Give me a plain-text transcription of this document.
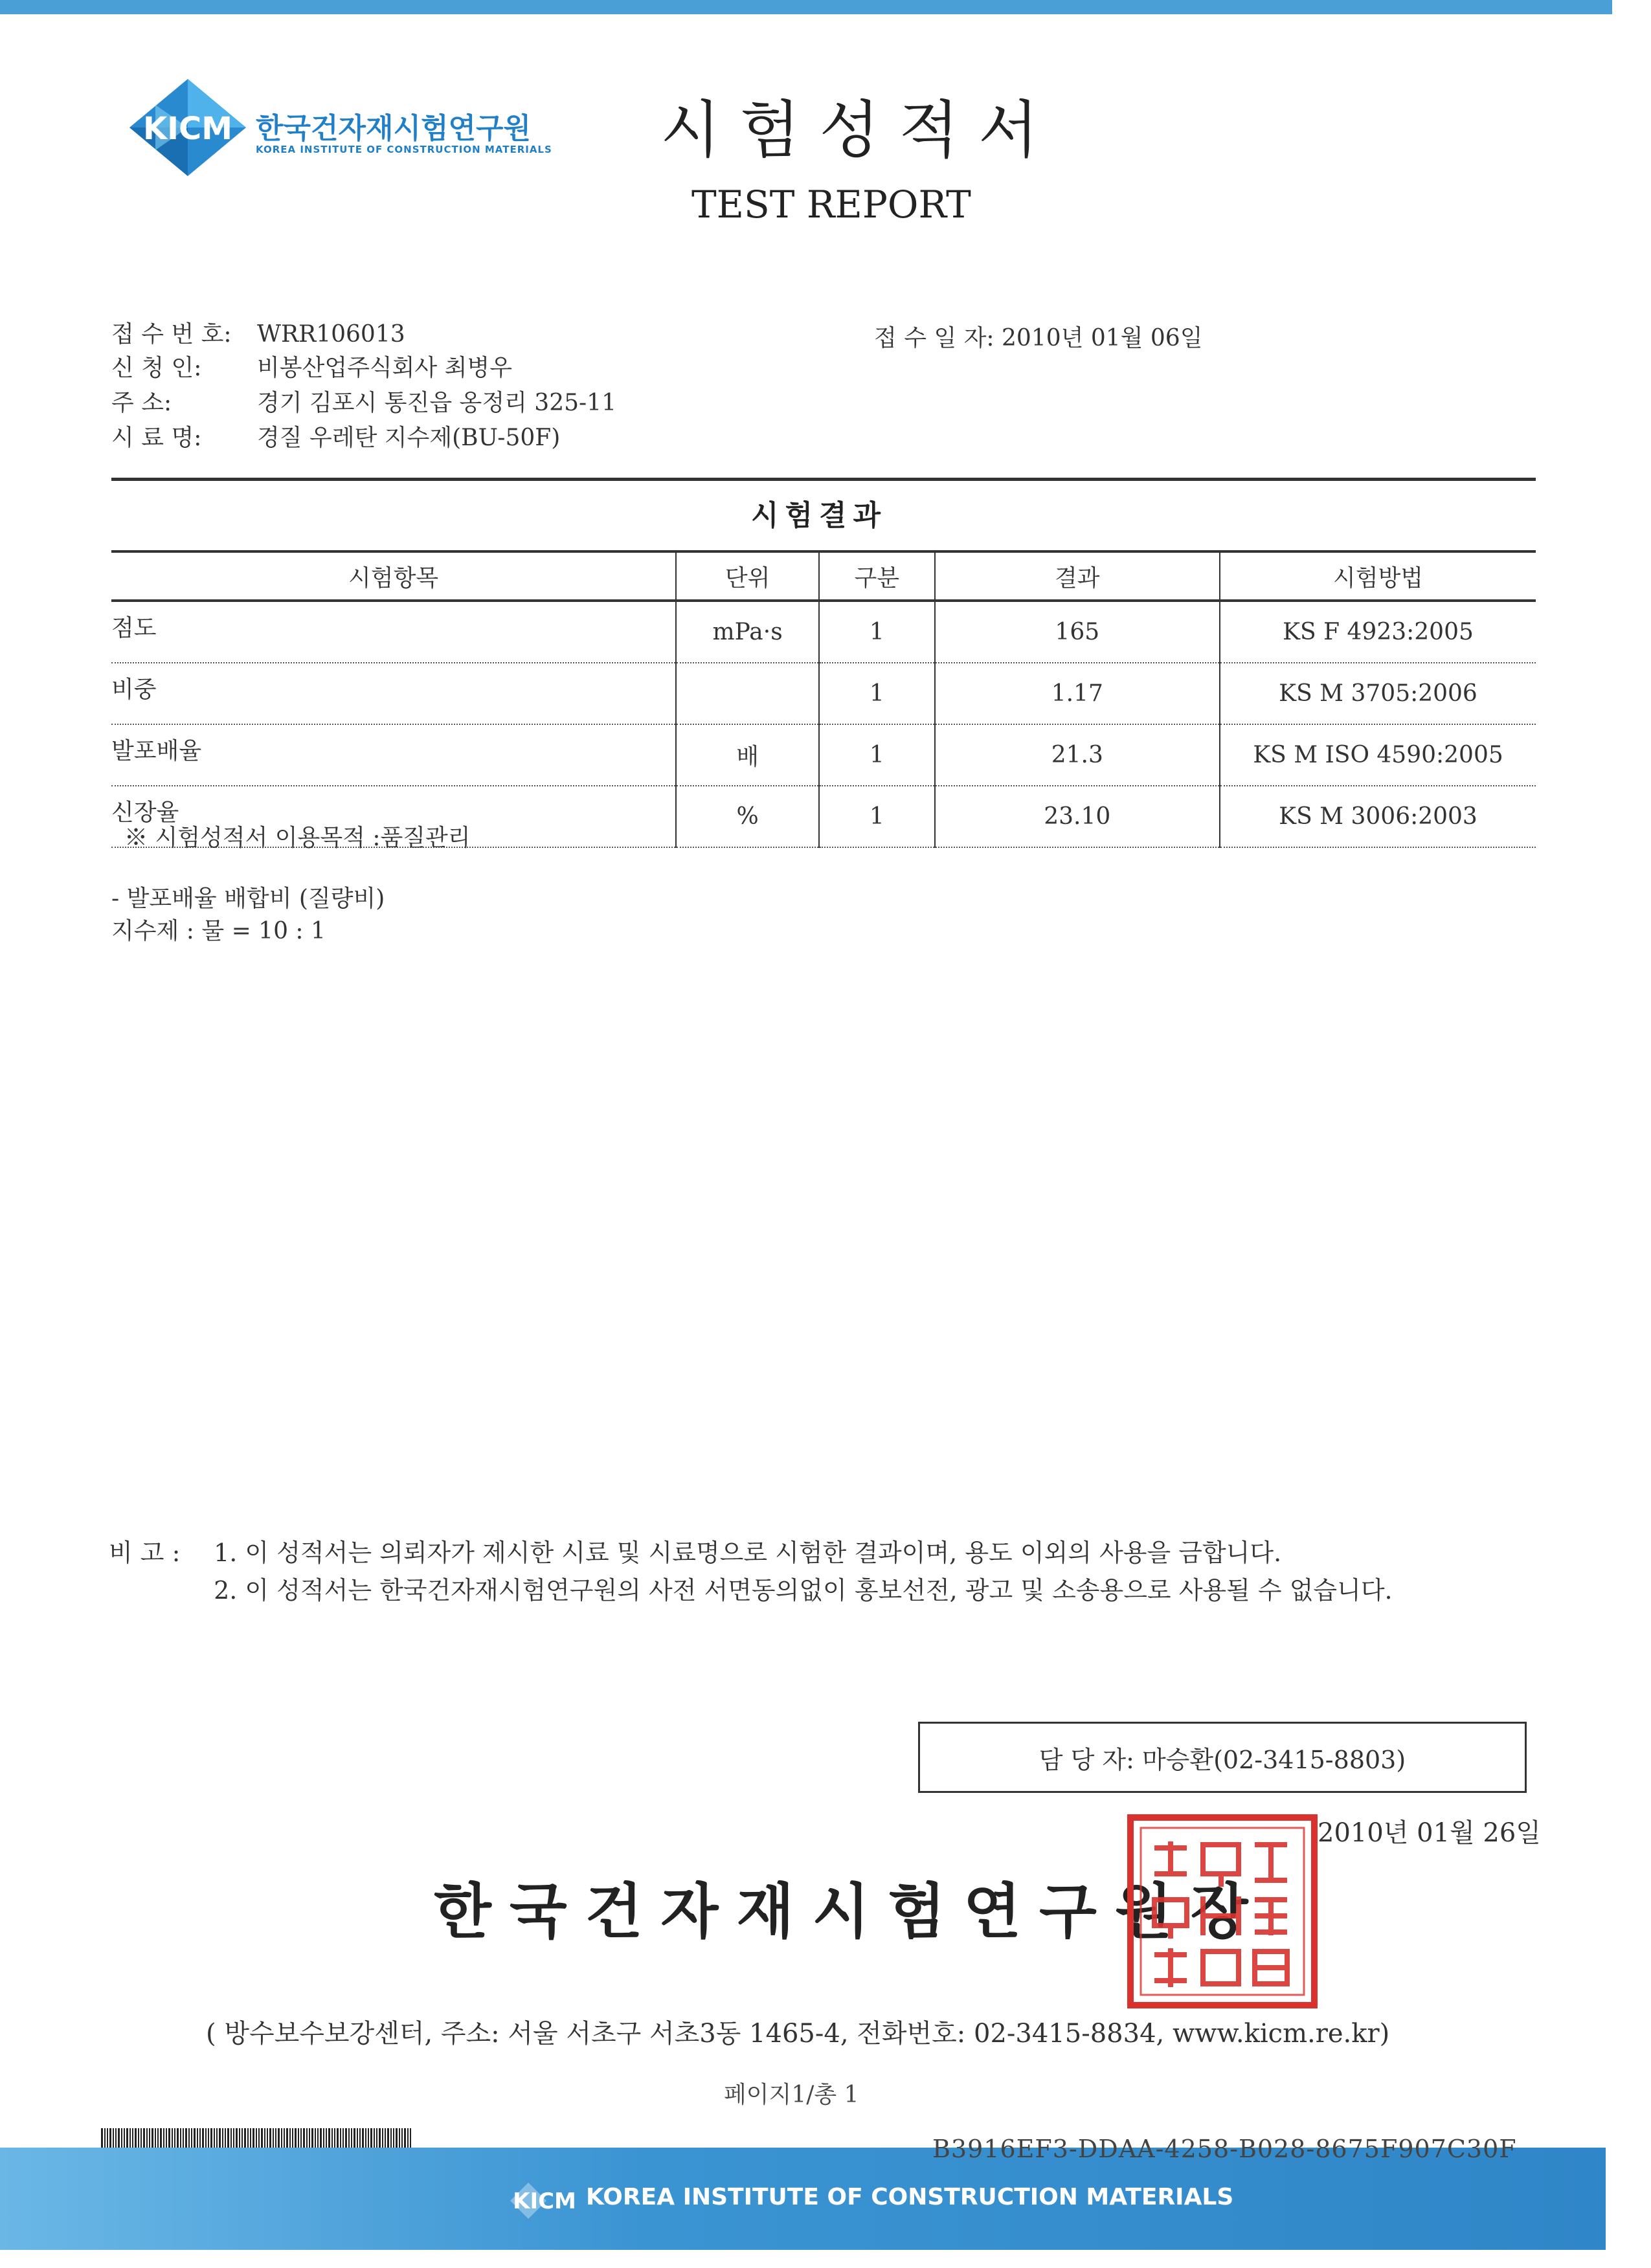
KICM 한국건자재시험연구원
KOREA INSTITUTE OF CONSTRUCTION MATERIALS 시험성적서
TEST REPORT
접 수 번 호: WRR106013	접 수 일 자: 2010년 01월 06일
신 청 인: 비봉산업주식회사 최병우
주 소:	경기 김포시 통진읍 옹정리 325-11
시 료 명: 경질 우레탄 지수제(BU-50F)
시험결과
시험항목	단위	구분	결과	시험방법
점도	mPa·s	1	165	KS F 4923:2005
비중		1	1.17	KS M 3705:2006
발포배율	배	1	21.3	KS M ISO 4590:2005
신장율	%	1	23.10	KS M 3006:2003
※ 시험성적서 이용목적 :품질관리
- 발포배율 배합비 (질량비)
지수제 : 물 = 10 : 1
비 고 : 1. 이 성적서는 의뢰자가 제시한 시료 및 시료명으로 시험한 결과이며, 용도 이외의 사용을 금합니다.
2. 이 성적서는 한국건자재시험연구원의 사전 서면동의없이 홍보선전, 광고 및 소송용으로 사용될 수 없습니다.
담 당 자: 마승환(02-3415-8803)
2010년 01월 26일
한국건자재시험연구원장
( 방수보수보강센터, 주소: 서울 서초구 서초3동 1465-4, 전화번호: 02-3415-8834, www.kicm.re.kr)
페이지1/총 1
B3916EF3-DDAA-4258-B028-8675F907C30F
KICM KOREA INSTITUTE OF CONSTRUCTION MATERIALS
